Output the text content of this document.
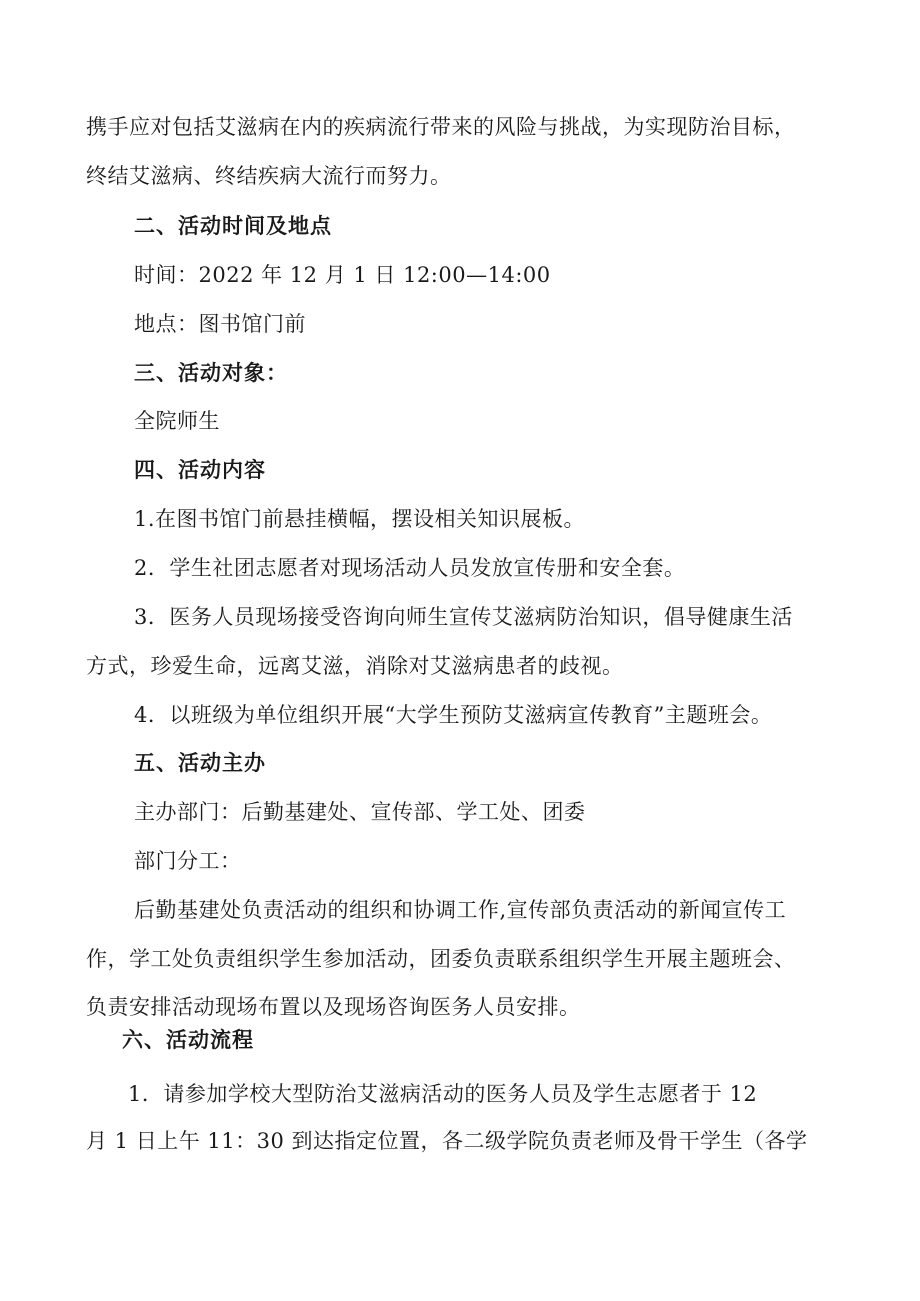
携手应对包括艾滋病在内的疾病流行带来的风险与挑战，为实现防治目标，
终结艾滋病、终结疾病大流行而努力。
二、活动时间及地点
时间：2022 年 12 月 1 日 12:00—14:00
地点：图书馆门前
三、活动对象：
全院师生
四、活动内容
1.在图书馆门前悬挂横幅，摆设相关知识展板。
2．学生社团志愿者对现场活动人员发放宣传册和安全套。
3．医务人员现场接受咨询向师生宣传艾滋病防治知识，倡导健康生活
方式，珍爱生命，远离艾滋，消除对艾滋病患者的歧视。
4．以班级为单位组织开展“大学生预防艾滋病宣传教育”主题班会。
五、活动主办
主办部门：后勤基建处、宣传部、学工处、团委
部门分工：
后勤基建处负责活动的组织和协调工作,宣传部负责活动的新闻宣传工
作，学工处负责组织学生参加活动，团委负责联系组织学生开展主题班会、
负责安排活动现场布置以及现场咨询医务人员安排。
六、活动流程
1．请参加学校大型防治艾滋病活动的医务人员及学生志愿者于 12
月 1 日上午 11：30 到达指定位置，各二级学院负责老师及骨干学生（各学
